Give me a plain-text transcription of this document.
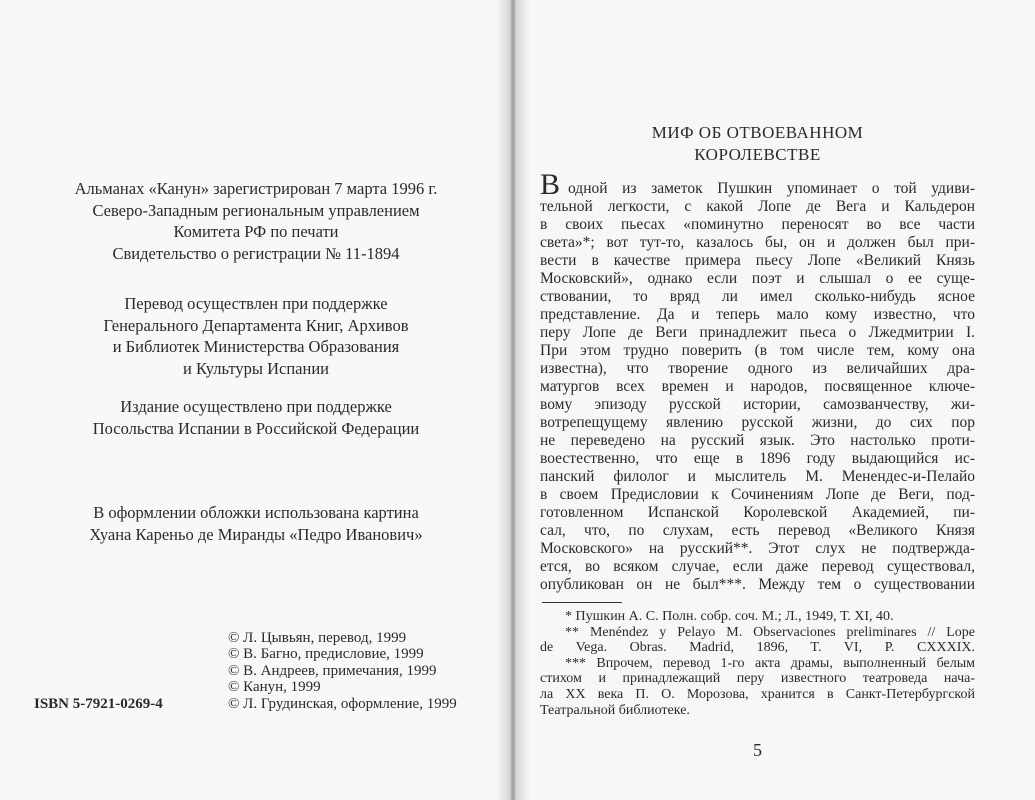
Альманах «Канун» зарегистрирован 7 марта 1996 г.
Северо-Западным региональным управлением
Комитета РФ по печати
Свидетельство о регистрации № 11-1894
Перевод осуществлен при поддержке
Генерального Департамента Книг, Архивов
и Библиотек Министерства Образования
и Культуры Испании
Издание осуществлено при поддержке
Посольства Испании в Российской Федерации
В оформлении обложки использована картина
Хуана Кареньо де Миранды «Педро Иванович»
© Л. Цывьян, перевод, 1999
© В. Багно, предисловие, 1999
© В. Андреев, примечания, 1999
© Канун, 1999
© Л. Грудинская, оформление, 1999
ISBN 5-7921-0269-4
МИФ ОБ ОТВОЕВАННОМ
КОРОЛЕВСТВЕ
В одной из заметок Пушкин упоминает о той удиви-
тельной легкости, с какой Лопе де Вега и Кальдерон
в своих пьесах «поминутно переносят во все части
света»*; вот тут-то, казалось бы, он и должен был при-
вести в качестве примера пьесу Лопе «Великий Князь
Московский», однако если поэт и слышал о ее суще-
ствовании, то вряд ли имел сколько-нибудь ясное
представление. Да и теперь мало кому известно, что
перу Лопе де Веги принадлежит пьеса о Лжедмитрии I.
При этом трудно поверить (в том числе тем, кому она
известна), что творение одного из величайших дра-
матургов всех времен и народов, посвященное ключе-
вому эпизоду русской истории, самозванчеству, жи-
вотрепещущему явлению русской жизни, до сих пор
не переведено на русский язык. Это настолько проти-
воестественно, что еще в 1896 году выдающийся ис-
панский филолог и мыслитель М. Менендес-и-Пелайо
в своем Предисловии к Сочинениям Лопе де Веги, под-
готовленном Испанской Королевской Академией, пи-
сал, что, по слухам, есть перевод «Великого Князя
Московского» на русский**. Этот слух не подтвержда-
ется, во всяком случае, если даже перевод существовал,
опубликован он не был***. Между тем о существовании
* Пушкин А. С. Полн. собр. соч. М.; Л., 1949, Т. XI, 40.
** Menéndez y Pelayo M. Observaciones preliminares // Lope
de Vega. Obras. Madrid, 1896, T. VI, P. CXXXIX.
*** Впрочем, перевод 1-го акта драмы, выполненный белым
стихом и принадлежащий перу известного театроведа нача-
ла XX века П. О. Морозова, хранится в Санкт-Петербургской
Театральной библиотеке.
5
